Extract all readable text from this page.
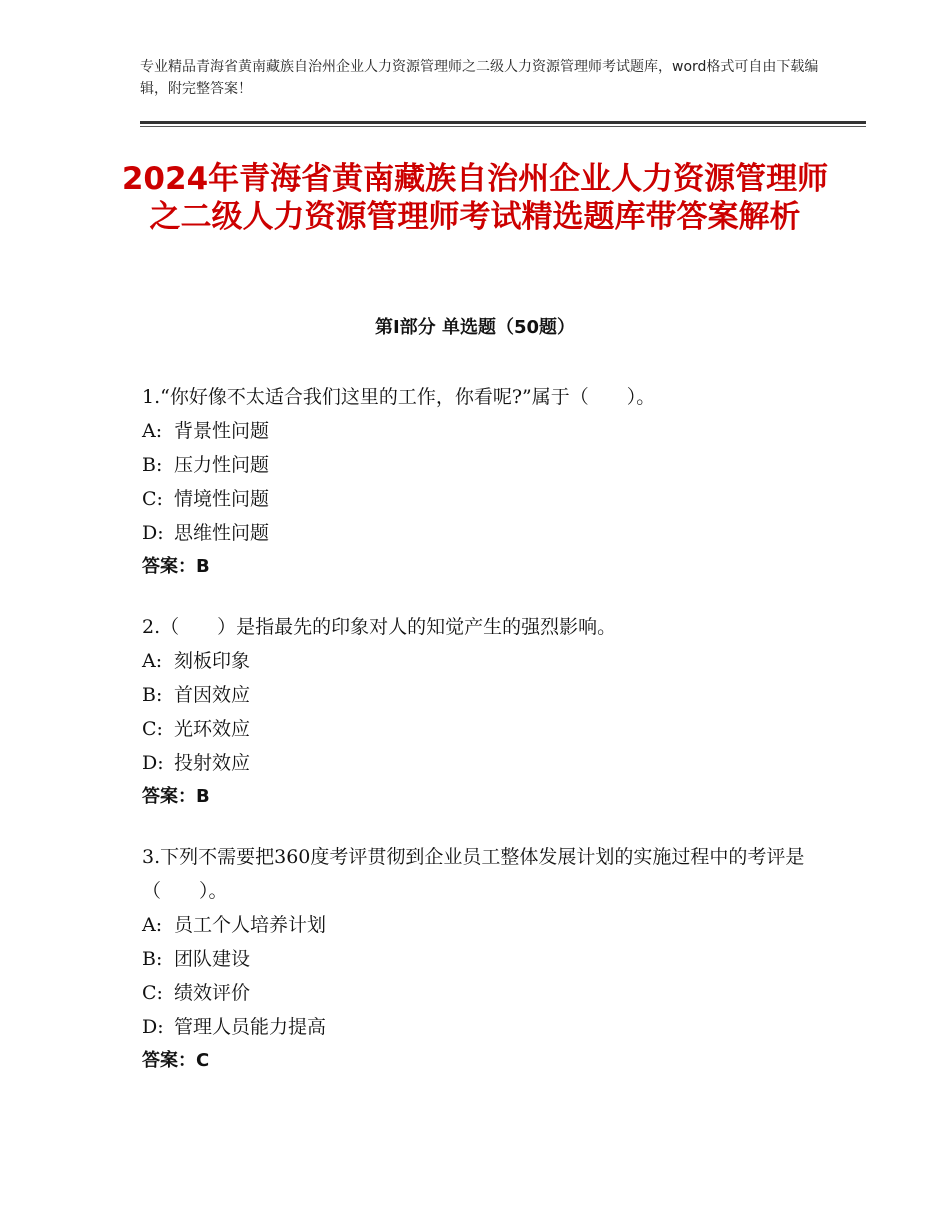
专业精品青海省黄南藏族自治州企业人力资源管理师之二级人力资源管理师考试题库，word格式可自由下载编辑，附完整答案！
2024年青海省黄南藏族自治州企业人力资源管理师之二级人力资源管理师考试精选题库带答案解析
第Ⅰ部分 单选题（50题）
1.“你好像不太适合我们这里的工作，你看呢?”属于（　　）。
A: 背景性问题
B: 压力性问题
C: 情境性问题
D: 思维性问题
答案：B
2.（　　）是指最先的印象对人的知觉产生的强烈影响。
A: 刻板印象
B: 首因效应
C: 光环效应
D: 投射效应
答案：B
3.下列不需要把360度考评贯彻到企业员工整体发展计划的实施过程中的考评是（　　）。
A: 员工个人培养计划
B: 团队建设
C: 绩效评价
D: 管理人员能力提高
答案：C
